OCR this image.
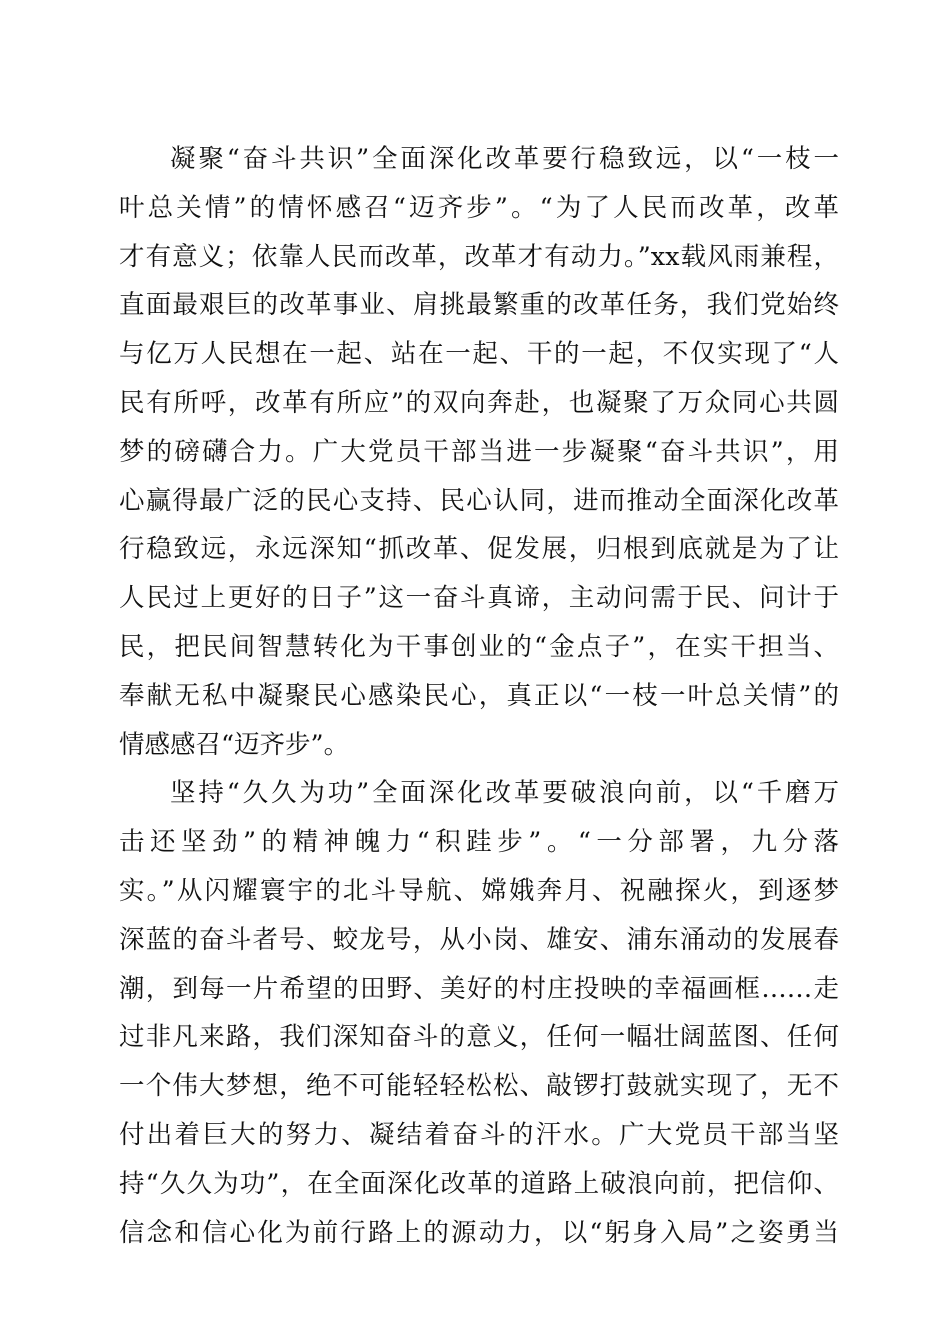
凝聚“奋斗共识”全面深化改革要行稳致远，以“一枝一
叶总关情”的情怀感召“迈齐步”。“为了人民而改革，改革
才有意义；依靠人民而改革，改革才有动力。”xx载风雨兼程，
直面最艰巨的改革事业、肩挑最繁重的改革任务，我们党始终
与亿万人民想在一起、站在一起、干的一起，不仅实现了“人
民有所呼，改革有所应”的双向奔赴，也凝聚了万众同心共圆
梦的磅礴合力。广大党员干部当进一步凝聚“奋斗共识”，用
心赢得最广泛的民心支持、民心认同，进而推动全面深化改革
行稳致远，永远深知“抓改革、促发展，归根到底就是为了让
人民过上更好的日子”这一奋斗真谛，主动问需于民、问计于
民，把民间智慧转化为干事创业的“金点子”，在实干担当、
奉献无私中凝聚民心感染民心，真正以“一枝一叶总关情”的
情感感召“迈齐步”。
坚持“久久为功”全面深化改革要破浪向前，以“千磨万
击还坚劲”的精神魄力“积跬步”。“一分部署，九分落
实。”从闪耀寰宇的北斗导航、嫦娥奔月、祝融探火，到逐梦
深蓝的奋斗者号、蛟龙号，从小岗、雄安、浦东涌动的发展春
潮，到每一片希望的田野、美好的村庄投映的幸福画框……走
过非凡来路，我们深知奋斗的意义，任何一幅壮阔蓝图、任何
一个伟大梦想，绝不可能轻轻松松、敲锣打鼓就实现了，无不
付出着巨大的努力、凝结着奋斗的汗水。广大党员干部当坚
持“久久为功”，在全面深化改革的道路上破浪向前，把信仰、
信念和信心化为前行路上的源动力，以“躬身入局”之姿勇当
